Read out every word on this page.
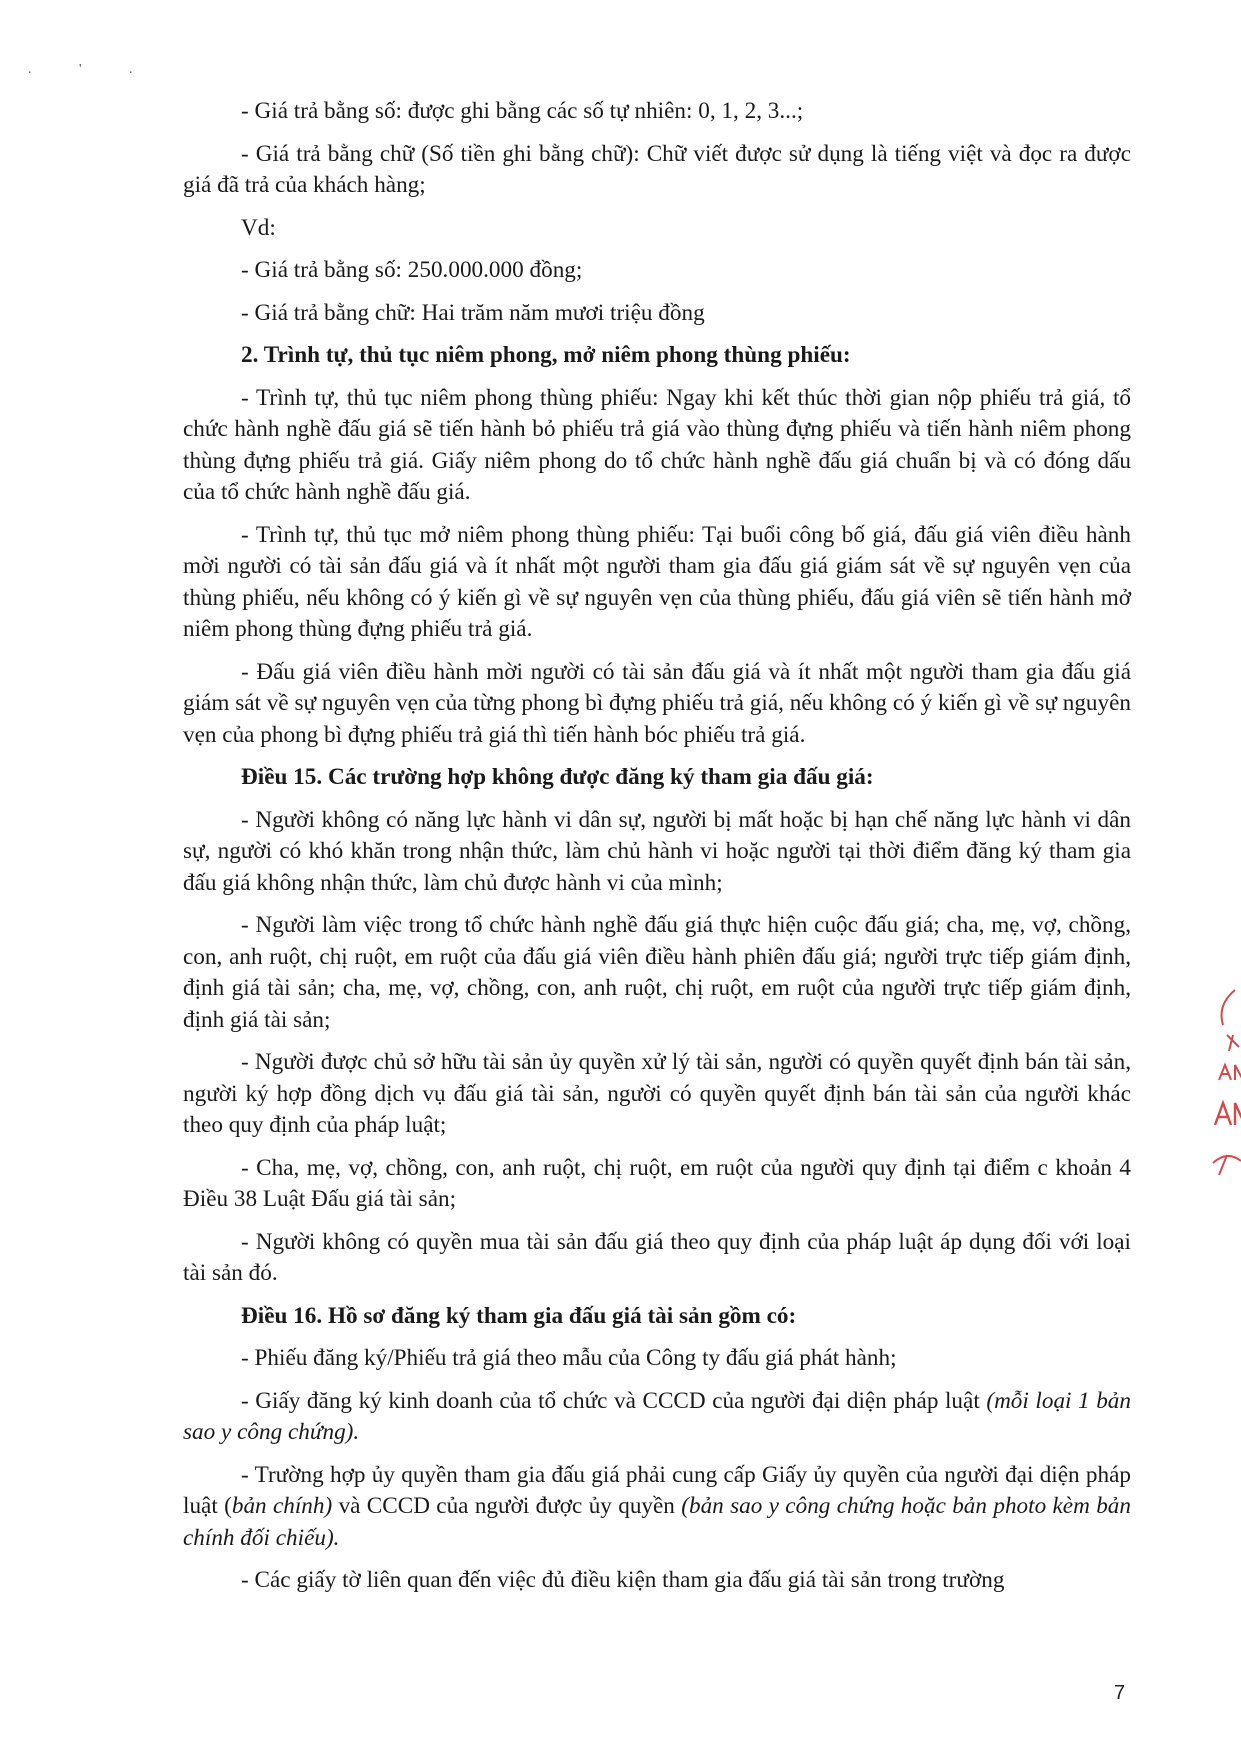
. ' .

- Giá trả bằng số: được ghi bằng các số tự nhiên: 0, 1, 2, 3...;

- Giá trả bằng chữ (Số tiền ghi bằng chữ): Chữ viết được sử dụng là tiếng việt và đọc ra được giá đã trả của khách hàng;

Vd:

- Giá trả bằng số: 250.000.000 đồng;

- Giá trả bằng chữ: Hai trăm năm mươi triệu đồng

2. Trình tự, thủ tục niêm phong, mở niêm phong thùng phiếu:

- Trình tự, thủ tục niêm phong thùng phiếu: Ngay khi kết thúc thời gian nộp phiếu trả giá, tổ chức hành nghề đấu giá sẽ tiến hành bỏ phiếu trả giá vào thùng đựng phiếu và tiến hành niêm phong thùng đựng phiếu trả giá. Giấy niêm phong do tổ chức hành nghề đấu giá chuẩn bị và có đóng dấu của tổ chức hành nghề đấu giá.

- Trình tự, thủ tục mở niêm phong thùng phiếu: Tại buổi công bố giá, đấu giá viên điều hành mời người có tài sản đấu giá và ít nhất một người tham gia đấu giá giám sát về sự nguyên vẹn của thùng phiếu, nếu không có ý kiến gì về sự nguyên vẹn của thùng phiếu, đấu giá viên sẽ tiến hành mở niêm phong thùng đựng phiếu trả giá.

- Đấu giá viên điều hành mời người có tài sản đấu giá và ít nhất một người tham gia đấu giá giám sát về sự nguyên vẹn của từng phong bì đựng phiếu trả giá, nếu không có ý kiến gì về sự nguyên vẹn của phong bì đựng phiếu trả giá thì tiến hành bóc phiếu trả giá.

Điều 15. Các trường hợp không được đăng ký tham gia đấu giá:

- Người không có năng lực hành vi dân sự, người bị mất hoặc bị hạn chế năng lực hành vi dân sự, người có khó khăn trong nhận thức, làm chủ hành vi hoặc người tại thời điểm đăng ký tham gia đấu giá không nhận thức, làm chủ được hành vi của mình;

- Người làm việc trong tổ chức hành nghề đấu giá thực hiện cuộc đấu giá; cha, mẹ, vợ, chồng, con, anh ruột, chị ruột, em ruột của đấu giá viên điều hành phiên đấu giá; người trực tiếp giám định, định giá tài sản; cha, mẹ, vợ, chồng, con, anh ruột, chị ruột, em ruột của người trực tiếp giám định, định giá tài sản;

- Người được chủ sở hữu tài sản ủy quyền xử lý tài sản, người có quyền quyết định bán tài sản, người ký hợp đồng dịch vụ đấu giá tài sản, người có quyền quyết định bán tài sản của người khác theo quy định của pháp luật;

- Cha, mẹ, vợ, chồng, con, anh ruột, chị ruột, em ruột của người quy định tại điểm c khoản 4 Điều 38 Luật Đấu giá tài sản;

- Người không có quyền mua tài sản đấu giá theo quy định của pháp luật áp dụng đối với loại tài sản đó.

Điều 16. Hồ sơ đăng ký tham gia đấu giá tài sản gồm có:

- Phiếu đăng ký/Phiếu trả giá theo mẫu của Công ty đấu giá phát hành;

- Giấy đăng ký kinh doanh của tổ chức và CCCD của người đại diện pháp luật (mỗi loại 1 bản sao y công chứng).

- Trường hợp ủy quyền tham gia đấu giá phải cung cấp Giấy ủy quyền của người đại diện pháp luật (bản chính) và CCCD của người được ủy quyền (bản sao y công chứng hoặc bản photo kèm bản chính đối chiếu).

- Các giấy tờ liên quan đến việc đủ điều kiện tham gia đấu giá tài sản trong trường

7
